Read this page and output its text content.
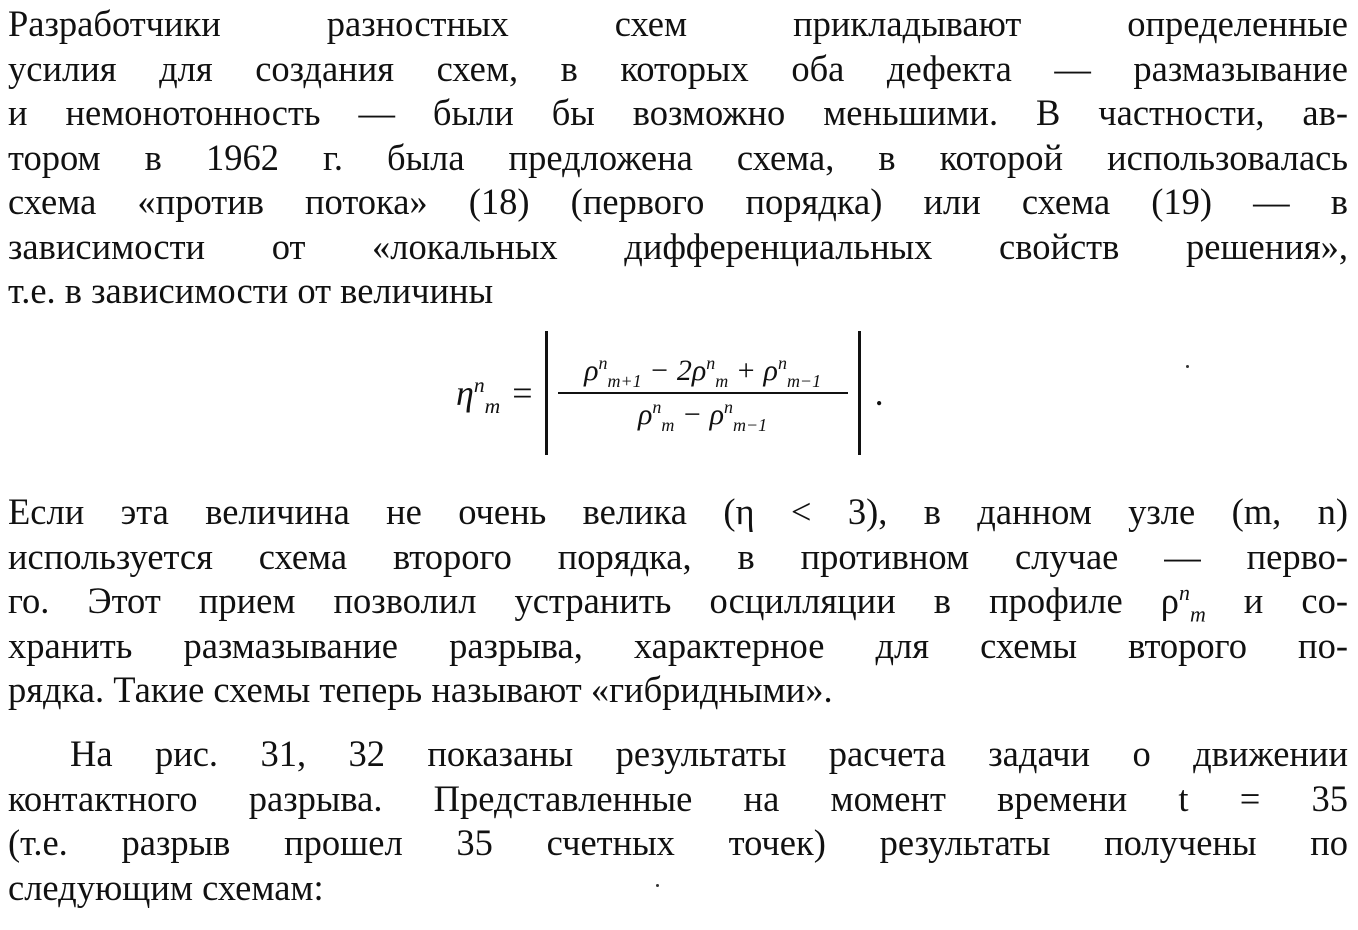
Разработчики разностных схем прикладывают определенные
усилия для создания схем, в которых оба дефекта — размазывание
и немонотонность — были бы возможно меньшими. В частности, ав-
тором в 1962 г. была предложена схема, в которой использовалась
схема «против потока» (18) (первого порядка) или схема (19) — в
зависимости от «локальных дифференциальных свойств решения»,
т.е. в зависимости от величины
$\eta^n_m = \frac{\rho^n_{m+1} - 2\rho^n_m + \rho^n_{m-1}}{\rho^n_m - \rho^n_{m-1}}$ .
Если эта величина не очень велика (η < 3), в данном узле (m, n)
используется схема второго порядка, в противном случае — перво-
го. Этот прием позволил устранить осцилляции в профиле $\rho^n_m$ и со-
хранить размазывание разрыва, характерное для схемы второго по-
рядка. Такие схемы теперь называют «гибридными».
На рис. 31, 32 показаны результаты расчета задачи о движении
контактного разрыва. Представленные на момент времени t = 35
(т.е. разрыв прошел 35 счетных точек) результаты получены по
следующим схемам:
